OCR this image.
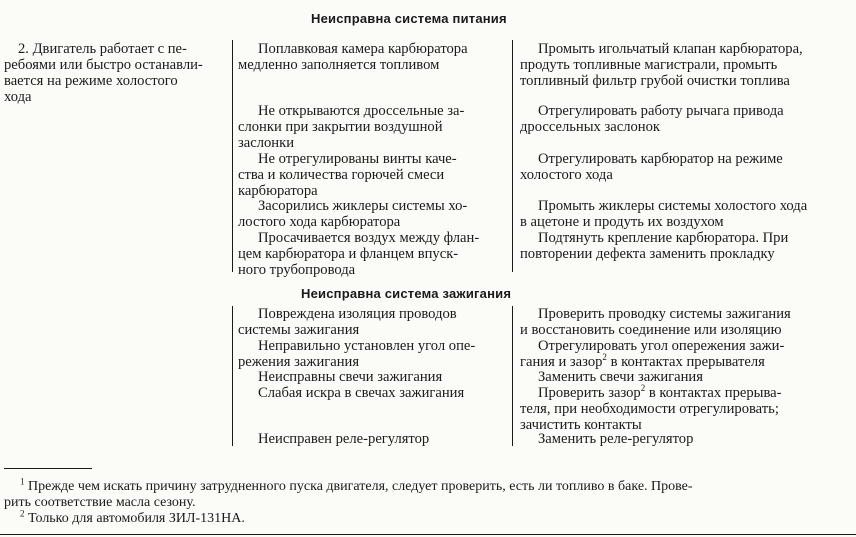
Неисправна система питания
2. Двигатель работает с пе-
ребоями или быстро останавли-
вается на режиме холостого
хода
Поплавковая камера карбюратора
медленно заполняется топливом
Не открываются дроссельные за-
слонки при закрытии воздушной
заслонки
Не отрегулированы винты каче-
ства и количества горючей смеси
карбюратора
Засорились жиклеры системы хо-
лостого хода карбюратора
Просачивается воздух между флан-
цем карбюратора и фланцем впуск-
ного трубопровода
Промыть игольчатый клапан карбюратора,
продуть топливные магистрали, промыть
топливный фильтр грубой очистки топлива
Отрегулировать работу рычага привода
дроссельных заслонок
Отрегулировать карбюратор на режиме
холостого хода
Промыть жиклеры системы холостого хода
в ацетоне и продуть их воздухом
Подтянуть крепление карбюратора. При
повторении дефекта заменить прокладку
Неисправна система зажигания
Повреждена изоляция проводов
системы зажигания
Неправильно установлен угол опе-
режения зажигания
Неисправны свечи зажигания
Слабая искра в свечах зажигания
Неисправен реле-регулятор
Проверить проводку системы зажигания
и восстановить соединение или изоляцию
Отрегулировать угол опережения зажи-
гания и зазор$^2$ в контактах прерывателя
Заменить свечи зажигания
Проверить зазор$^2$ в контактах прерыва-
теля, при необходимости отрегулировать;
зачистить контакты
Заменить реле-регулятор
$^1$ Прежде чем искать причину затрудненного пуска двигателя, следует проверить, есть ли топливо в баке. Прове-
рить соответствие масла сезону.
$^2$ Только для автомобиля ЗИЛ-131НА.
